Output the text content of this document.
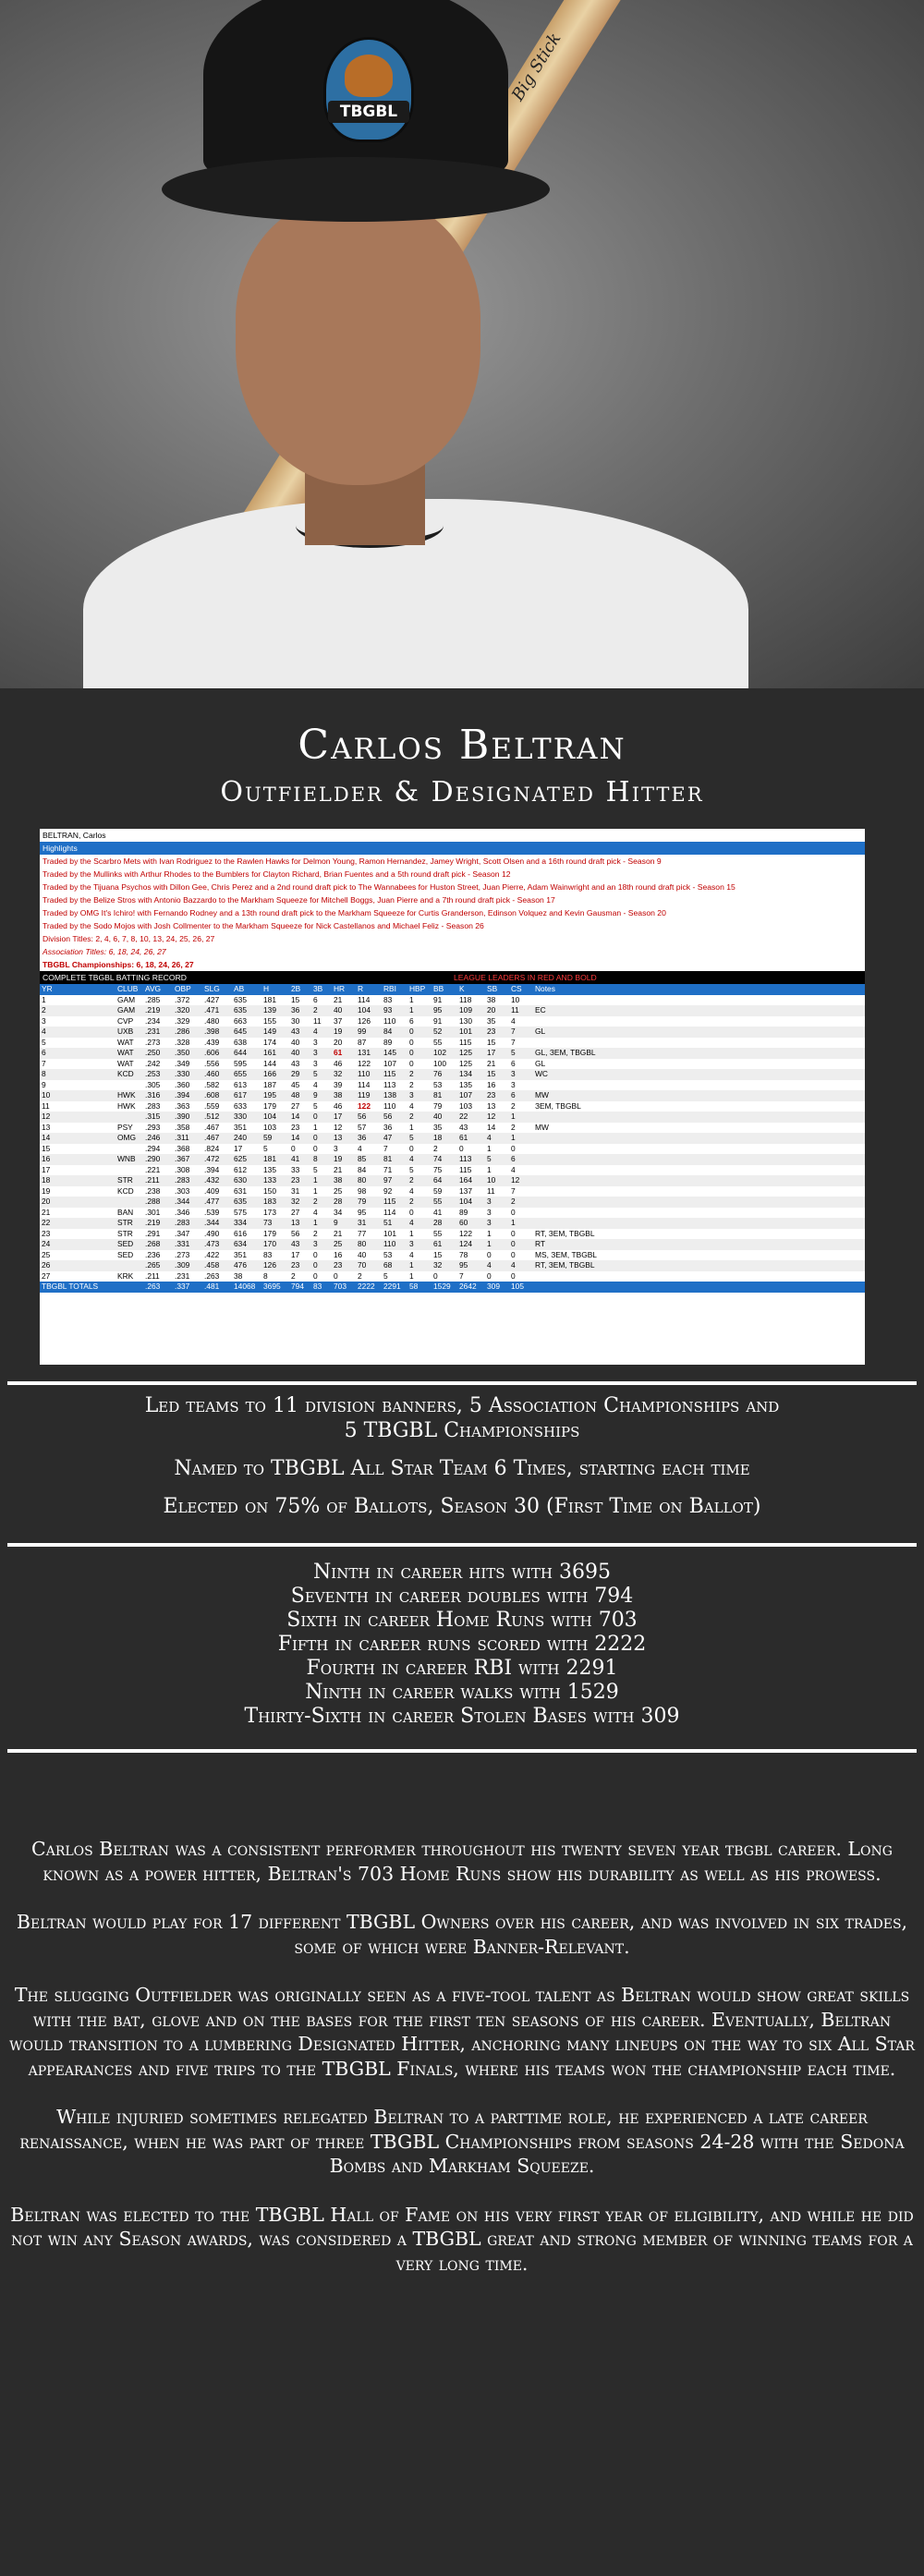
Big Stick
TBGBL
Carlos Beltran
Outfielder & Designated Hitter
BELTRAN, Carlos
Highlights
Traded by the Scarbro Mets with Ivan Rodriguez to the Rawlen Hawks for Delmon Young, Ramon Hernandez, Jamey Wright, Scott Olsen and a 16th round draft pick - Season 9
Traded by the Mullinks with Arthur Rhodes to the Bumblers for Clayton Richard, Brian Fuentes and a 5th round draft pick - Season 12
Traded by the Tijuana Psychos with Dillon Gee, Chris Perez and a 2nd round draft pick to The Wannabees for Huston Street, Juan Pierre, Adam Wainwright and an 18th round draft pick - Season 15
Traded by the Belize Stros with Antonio Bazzardo to the Markham Squeeze for Mitchell Boggs, Juan Pierre and a 7th round draft pick - Season 17
Traded by OMG It's Ichiro! with Fernando Rodney and a 13th round draft pick to the Markham Squeeze for Curtis Granderson, Edinson Volquez and Kevin Gausman - Season 20
Traded by the Sodo Mojos with Josh Collmenter to the Markham Squeeze for Nick Castellanos and Michael Feliz - Season 26
Division Titles: 2, 4, 6, 7, 8, 10, 13, 24, 25, 26, 27
Association Titles: 6, 18, 24, 26, 27
TBGBL Championships: 6, 18, 24, 26, 27
COMPLETE TBGBL BATTING RECORD	LEAGUE LEADERS IN RED AND BOLD
YR	CLUB	AVG	OBP	SLG	AB	H	2B	3B	HR	R	RBI	HBP	BB	K	SB	CS	Notes
1	GAM	.285	.372	.427	635	181	15	6	21	114	83	1	91	118	38	10	
2	GAM	.219	.320	.471	635	139	36	2	40	104	93	1	95	109	20	11	EC
3	CVP	.234	.329	.480	663	155	30	11	37	126	110	6	91	130	35	4	
4	UXB	.231	.286	.398	645	149	43	4	19	99	84	0	52	101	23	7	GL
5	WAT	.273	.328	.439	638	174	40	3	20	87	89	0	55	115	15	7	
6	WAT	.250	.350	.606	644	161	40	3	61	131	145	0	102	125	17	5	GL, ЗЕМ, TBGBL
7	WAT	.242	.349	.556	595	144	43	3	46	122	107	0	100	125	21	6	GL
8	KCD	.253	.330	.460	655	166	29	5	32	110	115	2	76	134	15	3	WC
9		.305	.360	.582	613	187	45	4	39	114	113	2	53	135	16	3	
10	HWK	.316	.394	.608	617	195	48	9	38	119	138	3	81	107	23	6	MW
11	HWK	.283	.363	.559	633	179	27	5	46	122	110	4	79	103	13	2	ЗЕМ, TBGBL
12		.315	.390	.512	330	104	14	0	17	56	56	2	40	22	12	1	
13	PSY	.293	.358	.467	351	103	23	1	12	57	36	1	35	43	14	2	MW
14	OMG	.246	.311	.467	240	59	14	0	13	36	47	5	18	61	4	1	
15		.294	.368	.824	17	5	0	0	3	4	7	0	2	0	1	0	
16	WNB	.290	.367	.472	625	181	41	8	19	85	81	4	74	113	5	6	
17		.221	.308	.394	612	135	33	5	21	84	71	5	75	115	1	4	
18	STR	.211	.283	.432	630	133	23	1	38	80	97	2	64	164	10	12	
19	KCD	.238	.303	.409	631	150	31	1	25	98	92	4	59	137	11	7	
20		.288	.344	.477	635	183	32	2	28	79	115	2	55	104	3	2	
21	BAN	.301	.346	.539	575	173	27	4	34	95	114	0	41	89	3	0	
22	STR	.219	.283	.344	334	73	13	1	9	31	51	4	28	60	3	1	
23	STR	.291	.347	.490	616	179	56	2	21	77	101	1	55	122	1	0	RT, ЗЕМ, TBGBL
24	SED	.268	.331	.473	634	170	43	3	25	80	110	3	61	124	1	0	RT
25	SED	.236	.273	.422	351	83	17	0	16	40	53	4	15	78	0	0	MS, ЗЕМ, TBGBL
26		.265	.309	.458	476	126	23	0	23	70	68	1	32	95	4	4	RT, ЗЕМ, TBGBL
27	KRK	.211	.231	.263	38	8	2	0	0	2	5	1	0	7	0	0	
TBGBL TOTALS		.263	.337	.481	14068	3695	794	83	703	2222	2291	58	1529	2642	309	105	

Led teams to 11 division banners, 5 Association Championships and 5 TBGBL Championships

Named to TBGBL All Star Team 6 Times, starting each time

Elected on 75% of Ballots, Season 30 (First Time on Ballot)

Ninth in career hits with 3695
Seventh in career doubles with 794
Sixth in career Home Runs with 703
Fifth in career runs scored with 2222
Fourth in career RBI with 2291
Ninth in career walks with 1529
Thirty-Sixth in career Stolen Bases with 309

Carlos Beltran was a consistent performer throughout his twenty seven year tbgbl career. Long known as a power hitter, Beltran's 703 Home Runs show his durability as well as his prowess.

Beltran would play for 17 different TBGBL Owners over his career, and was involved in six trades, some of which were Banner-Relevant.

The slugging Outfielder was originally seen as a five-tool talent as Beltran would show great skills with the bat, glove and on the bases for the first ten seasons of his career. Eventually, Beltran would transition to a lumbering Designated Hitter, anchoring many lineups on the way to six All Star appearances and five trips to the TBGBL Finals, where his teams won the championship each time.

While injuried sometimes relegated Beltran to a parttime role, he experienced a late career renaissance, when he was part of three TBGBL Championships from seasons 24-28 with the Sedona Bombs and Markham Squeeze.

Beltran was elected to the TBGBL Hall of Fame on his very first year of eligibility, and while he did not win any Season awards, was considered a TBGBL great and strong member of winning teams for a very long time.
